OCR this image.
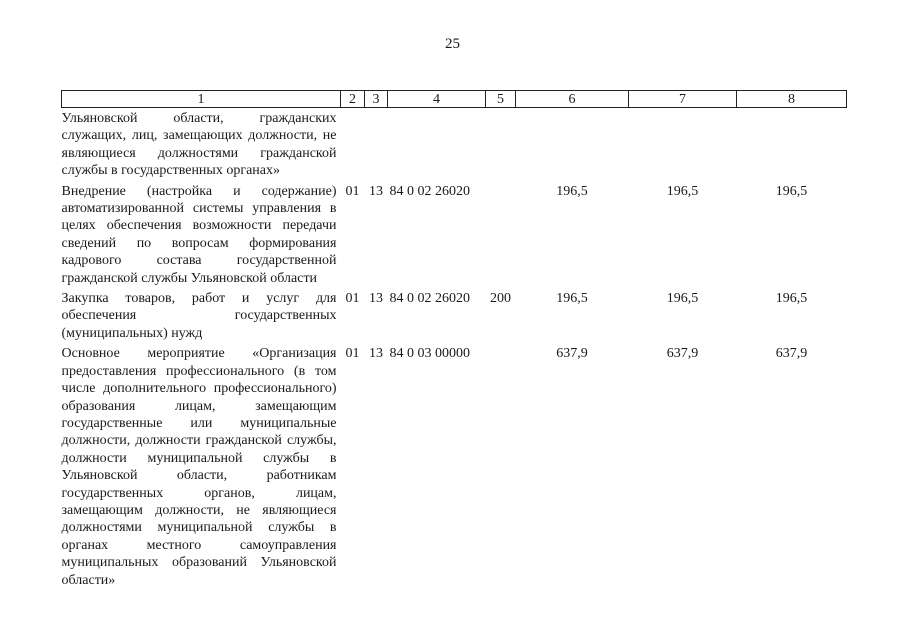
25
1	2	3	4	5	6	7	8
Ульяновской области, гражданских служащих, лиц, замещающих должности, не являющиеся должностями гражданской службы в государственных органах»							
Внедрение (настройка и содержание) автоматизированной системы управления в целях обеспечения возможности передачи сведений по вопросам формирования кадрового состава государственной гражданской службы Ульяновской области	01	13	84 0 02 26020		196,5	196,5	196,5
Закупка товаров, работ и услуг для обеспечения государственных (муниципальных) нужд	01	13	84 0 02 26020	200	196,5	196,5	196,5
Основное мероприятие «Организация предоставления профессионального (в том числе дополнительного профессионального) образования лицам, замещающим государственные или муниципальные должности, должности гражданской службы, должности муниципальной службы в Ульяновской области, работникам государственных органов, лицам, замещающим должности, не являющиеся должностями муниципальной службы в органах местного самоуправления муниципальных образований Ульяновской области»	01	13	84 0 03 00000		637,9	637,9	637,9
